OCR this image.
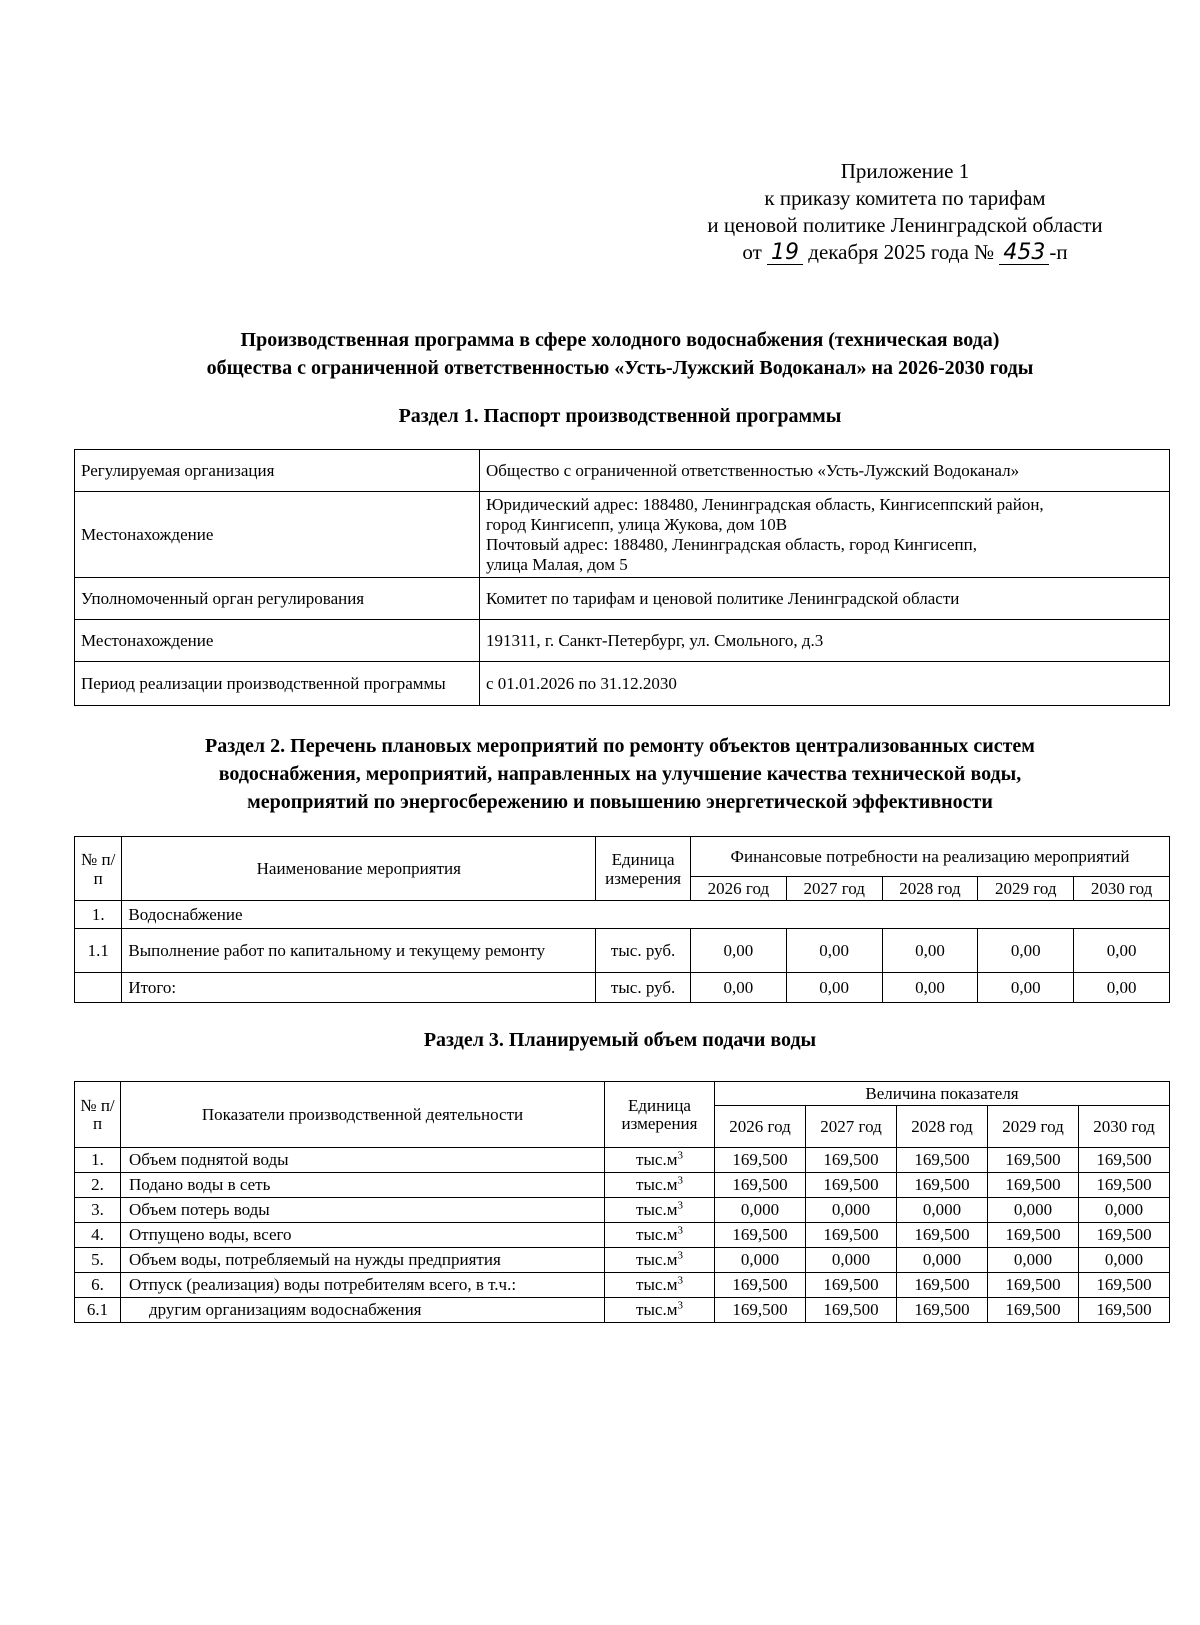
Приложение 1
к приказу комитета по тарифам
и ценовой политике Ленинградской области
от 19 декабря 2025 года № 453 -п
Производственная программа в сфере холодного водоснабжения (техническая вода)
общества с ограниченной ответственностью «Усть-Лужский Водоканал» на 2026-2030 годы
Раздел 1. Паспорт производственной программы
Регулируемая организация	Общество с ограниченной ответственностью «Усть-Лужский Водоканал»
Местонахождение	Юридический адрес: 188480, Ленинградская область, Кингисеппский район,
город Кингисепп, улица Жукова, дом 10В
Почтовый адрес: 188480, Ленинградская область, город Кингисепп,
улица Малая, дом 5

Уполномоченный орган регулирования	Комитет по тарифам и ценовой политике Ленинградской области
Местонахождение	191311, г. Санкт-Петербург, ул. Смольного, д.3
Период реализации производственной программы	с 01.01.2026 по 31.12.2030
Раздел 2. Перечень плановых мероприятий по ремонту объектов централизованных систем
водоснабжения, мероприятий, направленных на улучшение качества технической воды,
мероприятий по энергосбережению и повышению энергетической эффективности
№ п/п	Наименование мероприятия	Единица измерения	Финансовые потребности на реализацию мероприятий				
			2026 год	2027 год	2028 год	2029 год	2030 год
1.	Водоснабжение						
1.1	Выполнение работ по капитальному и текущему ремонту	тыс. руб.	0,00	0,00	0,00	0,00	0,00
	Итого:	тыс. руб.	0,00	0,00	0,00	0,00	0,00
Раздел 3. Планируемый объем подачи воды
№ п/п	Показатели производственной деятельности	Единица измерения	Величина показателя				
			2026 год	2027 год	2028 год	2029 год	2030 год
1.	Объем поднятой воды	$тыс.м^3$	169,500	169,500	169,500	169,500	169,500
2.	Подано воды в сеть	$тыс.м^3$	169,500	169,500	169,500	169,500	169,500
3.	Объем потерь воды	$тыс.м^3$	0,000	0,000	0,000	0,000	0,000
4.	Отпущено воды, всего	$тыс.м^3$	169,500	169,500	169,500	169,500	169,500
5.	Объем воды, потребляемый на нужды предприятия	$тыс.м^3$	0,000	0,000	0,000	0,000	0,000
6.	Отпуск (реализация) воды потребителям всего, в т.ч.:	$тыс.м^3$	169,500	169,500	169,500	169,500	169,500
6.1	другим организациям водоснабжения	$тыс.м^3$	169,500	169,500	169,500	169,500	169,500
